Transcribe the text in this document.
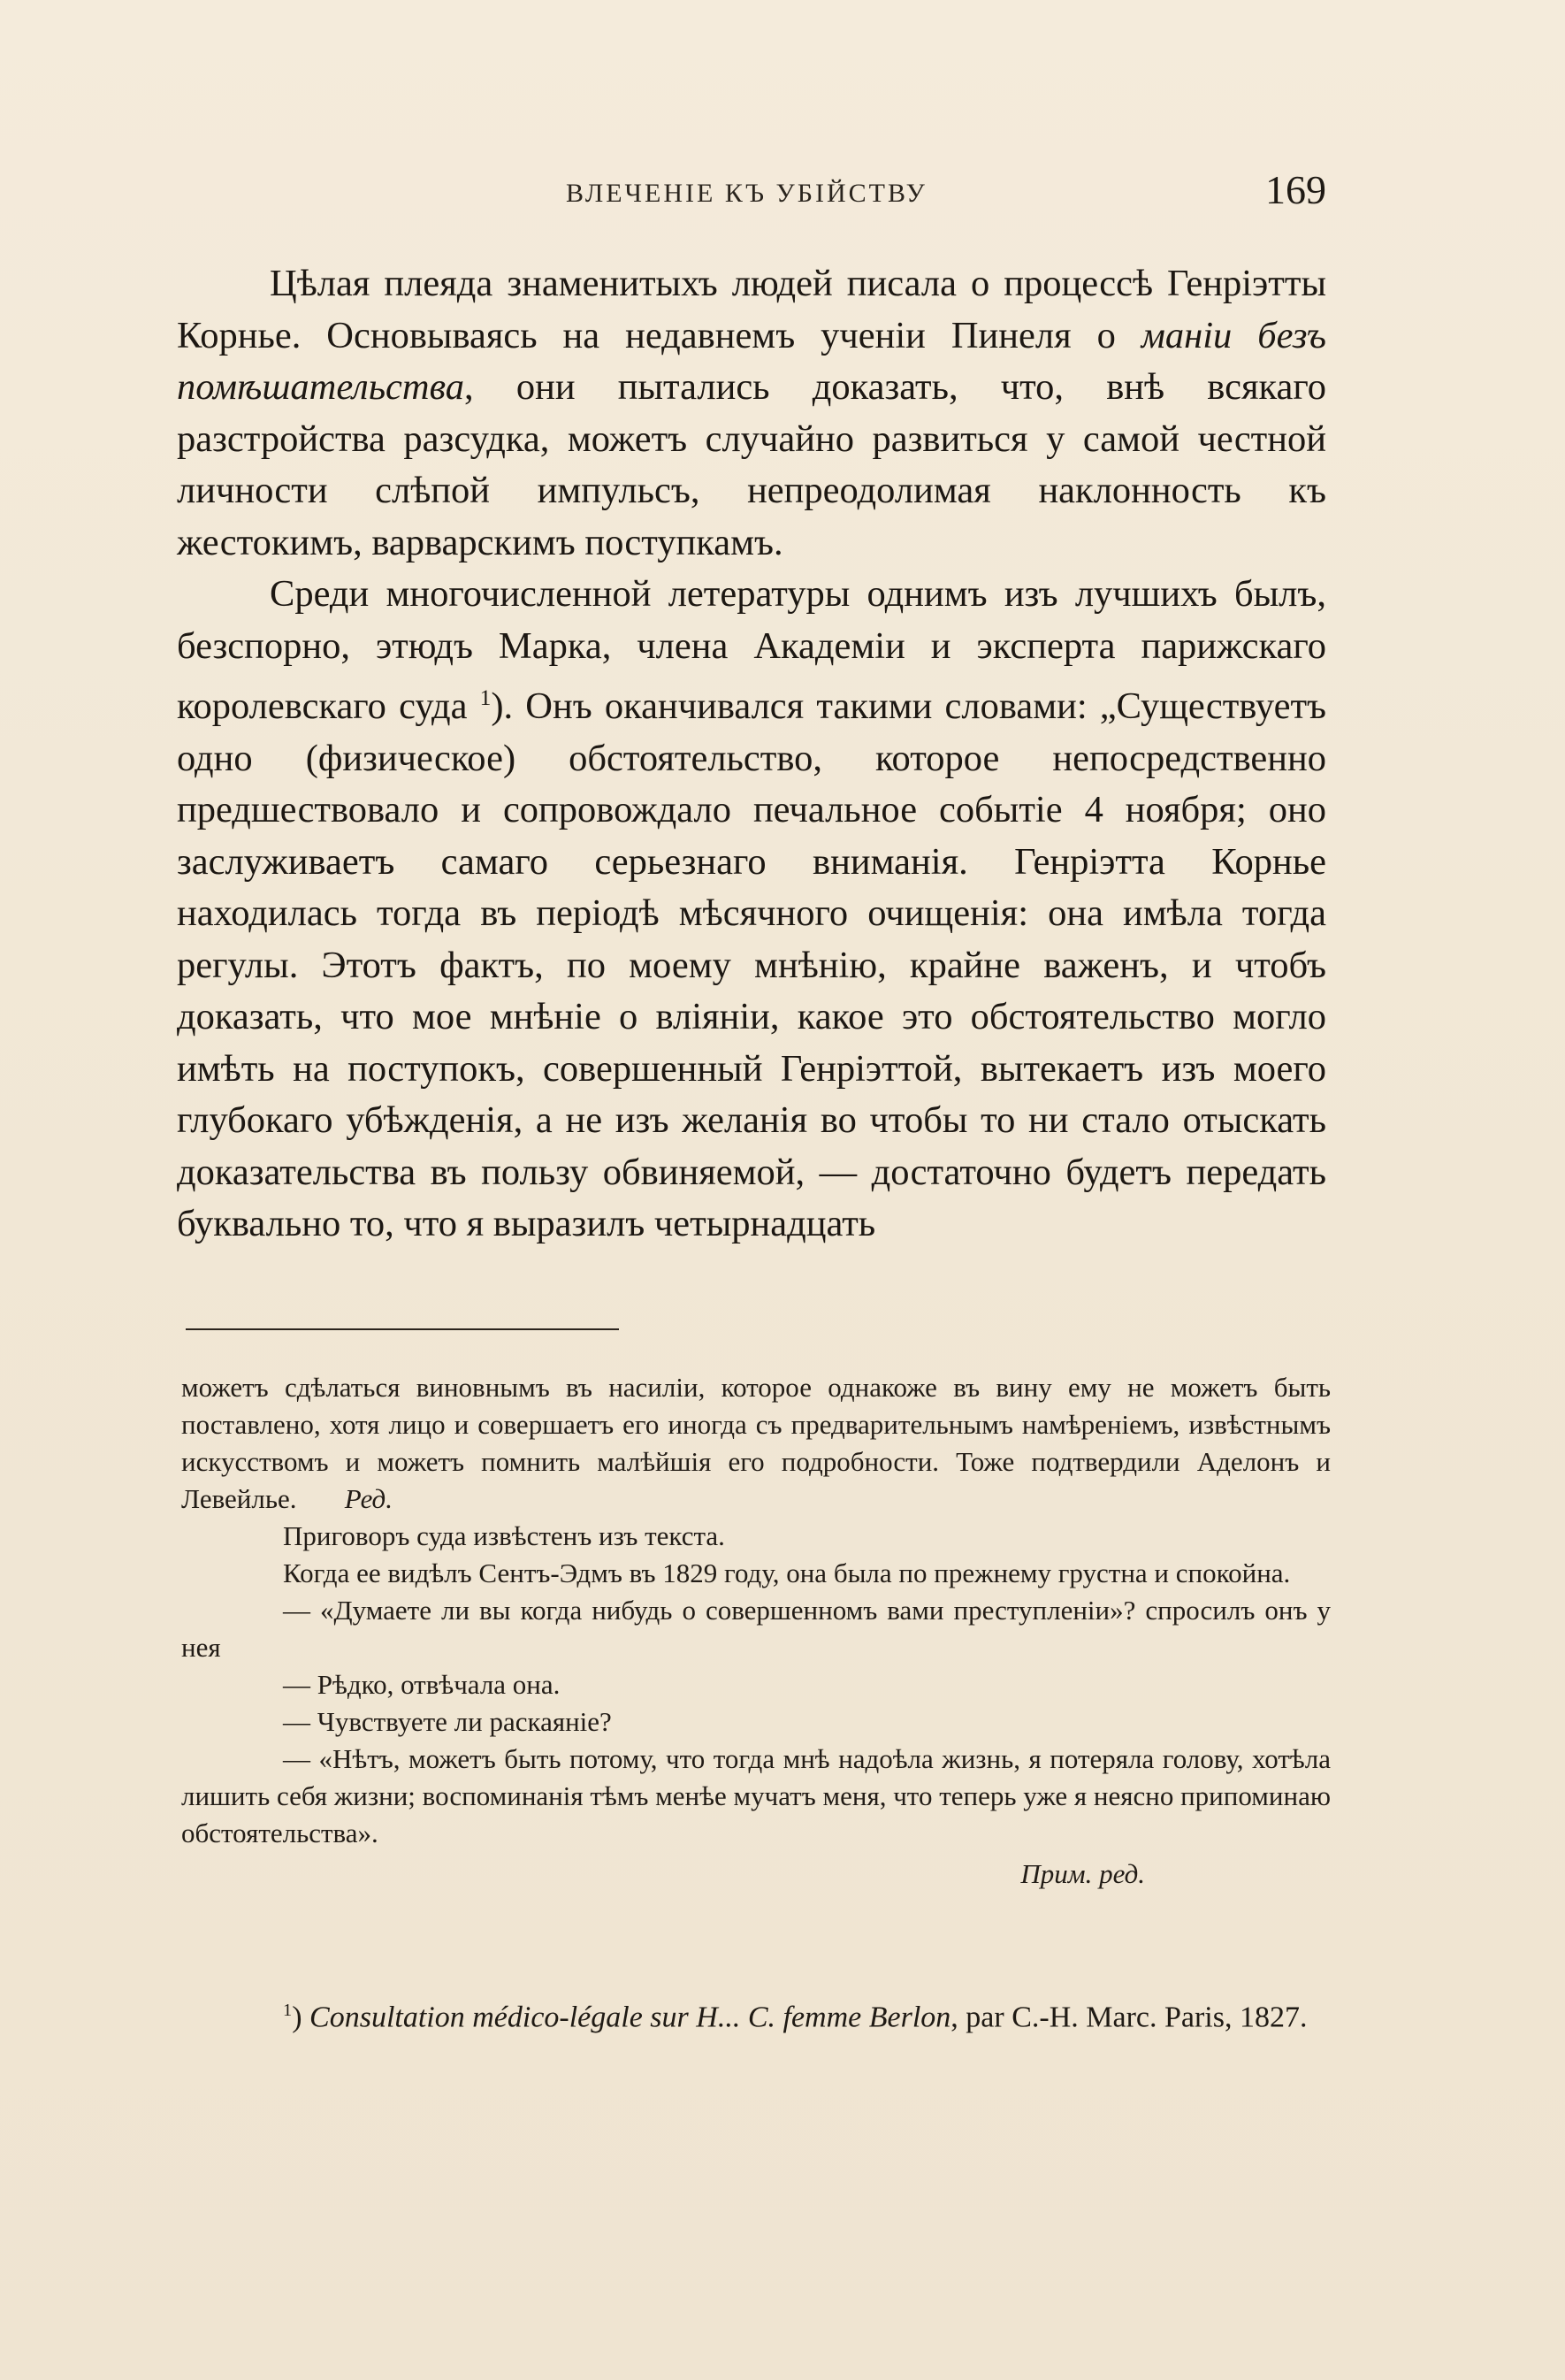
ВЛЕЧЕНІЕ КЪ УБІЙСТВУ	169

Цѣлая плеяда знаменитыхъ людей писала о процессѣ Генріэтты Корнье. Основываясь на недавнемъ ученіи Пинеля о маніи безъ помѣшательства, они пытались доказать, что, внѣ всякаго разстройства разсудка, можетъ случайно развиться у самой честной личности слѣпой импульсъ, непреодолимая наклонность къ жестокимъ, варварскимъ поступкамъ.

Среди многочисленной летературы однимъ изъ лучшихъ былъ, безспорно, этюдъ Марка, члена Академіи и эксперта парижскаго королевскаго суда $^1$). Онъ оканчивался такими словами: „Существуетъ одно (физическое) обстоятельство, которое непосредственно предшествовало и сопровождало печальное событіе 4 ноября; оно заслуживаетъ самаго серьезнаго вниманія. Генріэтта Корнье находилась тогда въ періодѣ мѣсячного очищенія: она имѣла тогда регулы. Этотъ фактъ, по моему мнѣнію, крайне важенъ, и чтобъ доказать, что мое мнѣніе о вліяніи, какое это обстоятельство могло имѣть на поступокъ, совершенный Генріэттой, вытекаетъ изъ моего глубокаго убѣжденія, а не изъ желанія во чтобы то ни стало отыскать доказательства въ пользу обвиняемой, — достаточно будетъ передать буквально то, что я выразилъ четырнадцать

можетъ сдѣлаться виновнымъ въ насиліи, которое однакоже въ вину ему не можетъ быть поставлено, хотя лицо и совершаетъ его иногда съ предварительнымъ намѣреніемъ, извѣстнымъ искусствомъ и можетъ помнить малѣйшія его подробности. Тоже подтвердили Аделонъ и Левейлье. Ред.

Приговоръ суда извѣстенъ изъ текста.

Когда ее видѣлъ Сентъ-Эдмъ въ 1829 году, она была по прежнему грустна и спокойна.

— «Думаете ли вы когда нибудь о совершенномъ вами преступленіи»? спросилъ онъ у нея

— Рѣдко, отвѣчала она.

— Чувствуете ли раскаяніе?

— «Нѣтъ, можетъ быть потому, что тогда мнѣ надоѣла жизнь, я потеряла голову, хотѣла лишить себя жизни; воспоминанія тѣмъ менѣе мучатъ меня, что теперь уже я неясно припоминаю обстоятельства».

Прим. ред.

$^1$) Consultation médico-légale sur H... C. femme Berlon, par C.-H. Marc. Paris, 1827.
